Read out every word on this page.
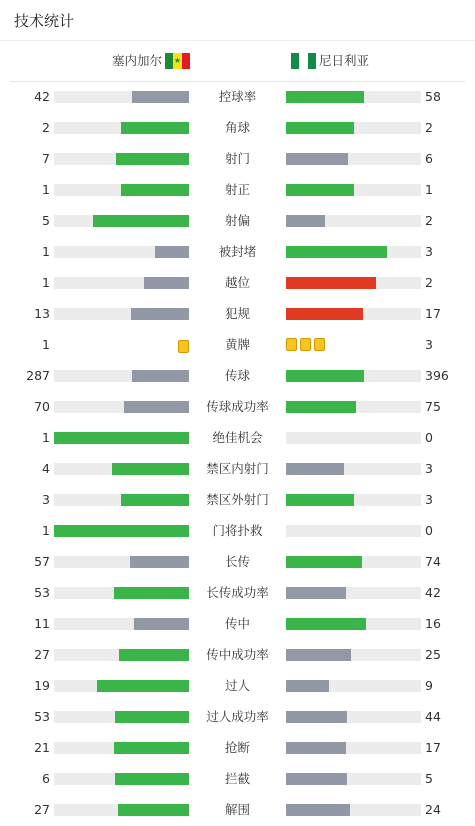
技术统计
塞内加尔 ★	尼日利亚
42	控球率	58
2	角球	2
7	射门	6
1	射正	1
5	射偏	2
1	被封堵	3
1	越位	2
13	犯规	17
1	黄牌	3
287	传球	396
70	传球成功率	75
1	绝佳机会	0
4	禁区内射门	3
3	禁区外射门	3
1	门将扑救	0
57	长传	74
53	长传成功率	42
11	传中	16
27	传中成功率	25
19	过人	9
53	过人成功率	44
21	抢断	17
6	拦截	5
27	解围	24
